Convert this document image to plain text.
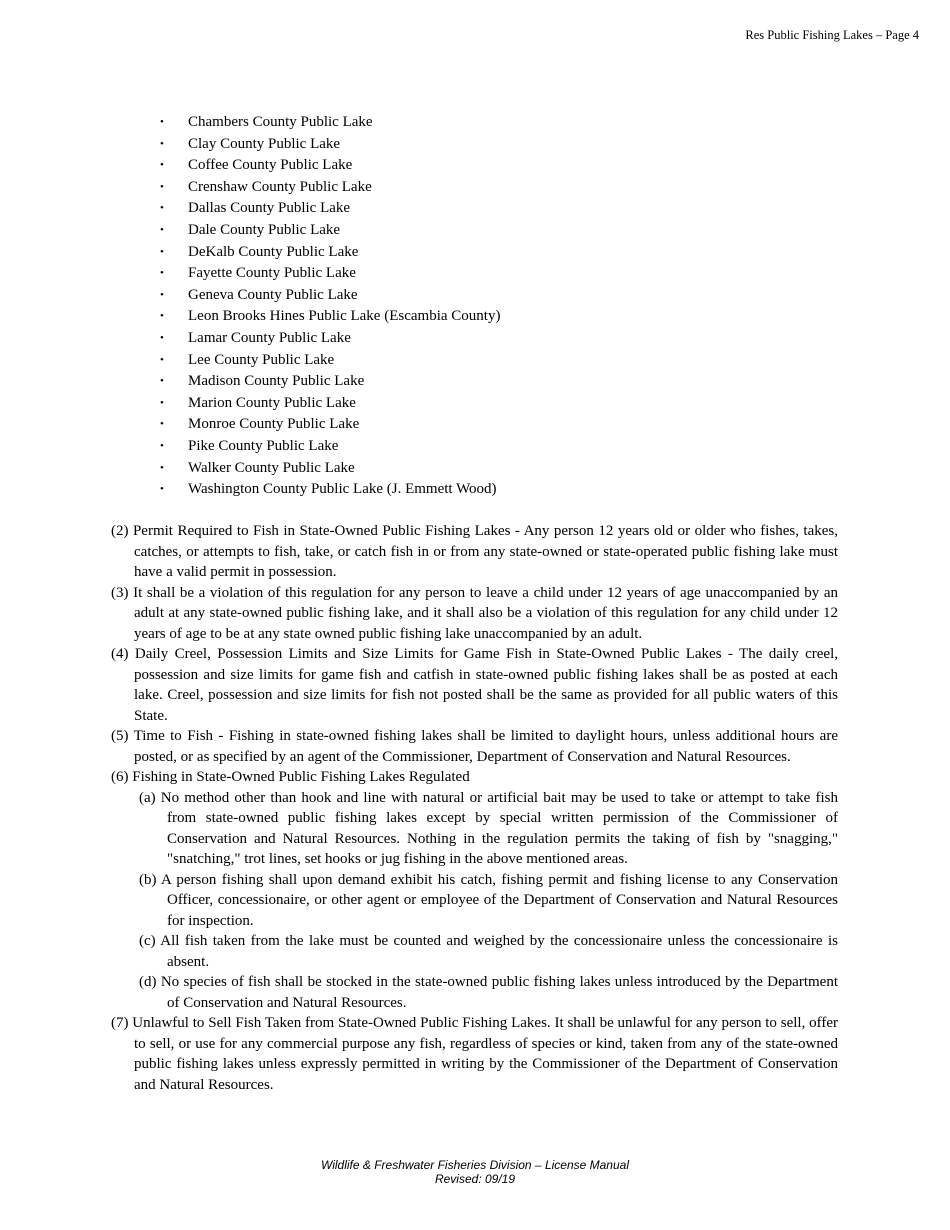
Res Public Fishing Lakes – Page 4
• Chambers County Public Lake
• Clay County Public Lake
• Coffee County Public Lake
• Crenshaw County Public Lake
• Dallas County Public Lake
• Dale County Public Lake
• DeKalb County Public Lake
• Fayette County Public Lake
• Geneva County Public Lake
• Leon Brooks Hines Public Lake (Escambia County)
• Lamar County Public Lake
• Lee County Public Lake
• Madison County Public Lake
• Marion County Public Lake
• Monroe County Public Lake
• Pike County Public Lake
• Walker County Public Lake
• Washington County Public Lake (J. Emmett Wood)
(2) Permit Required to Fish in State-Owned Public Fishing Lakes - Any person 12 years old or older who fishes, takes, catches, or attempts to fish, take, or catch fish in or from any state-owned or state-operated public fishing lake must have a valid permit in possession.
(3) It shall be a violation of this regulation for any person to leave a child under 12 years of age unaccompanied by an adult at any state-owned public fishing lake, and it shall also be a violation of this regulation for any child under 12 years of age to be at any state owned public fishing lake unaccompanied by an adult.
(4) Daily Creel, Possession Limits and Size Limits for Game Fish in State-Owned Public Lakes - The daily creel, possession and size limits for game fish and catfish in state-owned public fishing lakes shall be as posted at each lake. Creel, possession and size limits for fish not posted shall be the same as provided for all public waters of this State.
(5) Time to Fish - Fishing in state-owned fishing lakes shall be limited to daylight hours, unless additional hours are posted, or as specified by an agent of the Commissioner, Department of Conservation and Natural Resources.
(6) Fishing in State-Owned Public Fishing Lakes Regulated
(a) No method other than hook and line with natural or artificial bait may be used to take or attempt to take fish from state-owned public fishing lakes except by special written permission of the Commissioner of Conservation and Natural Resources. Nothing in the regulation permits the taking of fish by "snagging," "snatching," trot lines, set hooks or jug fishing in the above mentioned areas.
(b) A person fishing shall upon demand exhibit his catch, fishing permit and fishing license to any Conservation Officer, concessionaire, or other agent or employee of the Department of Conservation and Natural Resources for inspection.
(c) All fish taken from the lake must be counted and weighed by the concessionaire unless the concessionaire is absent.
(d) No species of fish shall be stocked in the state-owned public fishing lakes unless introduced by the Department of Conservation and Natural Resources.
(7) Unlawful to Sell Fish Taken from State-Owned Public Fishing Lakes. It shall be unlawful for any person to sell, offer to sell, or use for any commercial purpose any fish, regardless of species or kind, taken from any of the state-owned public fishing lakes unless expressly permitted in writing by the Commissioner of the Department of Conservation and Natural Resources.
Wildlife & Freshwater Fisheries Division – License Manual
Revised: 09/19
